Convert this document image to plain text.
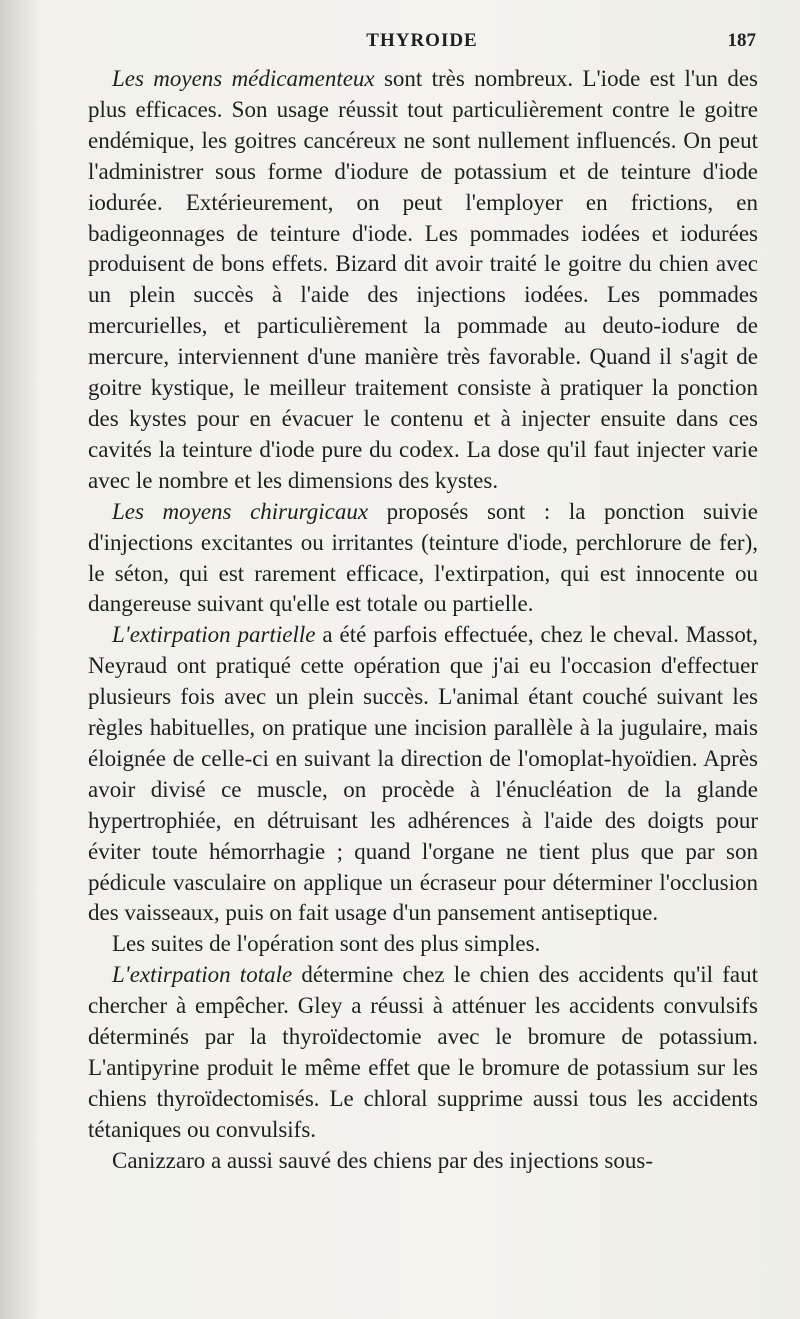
THYROIDE	187

Les moyens médicamenteux sont très nombreux. L'iode est l'un des plus efficaces. Son usage réussit tout particulièrement contre le goitre endémique, les goitres cancéreux ne sont nullement influencés. On peut l'administrer sous forme d'iodure de potassium et de teinture d'iode iodurée. Extérieurement, on peut l'employer en frictions, en badigeonnages de teinture d'iode. Les pommades iodées et iodurées produisent de bons effets. Bizard dit avoir traité le goitre du chien avec un plein succès à l'aide des injections iodées. Les pommades mercurielles, et particulièrement la pommade au deuto-iodure de mercure, interviennent d'une manière très favorable. Quand il s'agit de goitre kystique, le meilleur traitement consiste à pratiquer la ponction des kystes pour en évacuer le contenu et à injecter ensuite dans ces cavités la teinture d'iode pure du codex. La dose qu'il faut injecter varie avec le nombre et les dimensions des kystes.

Les moyens chirurgicaux proposés sont : la ponction suivie d'injections excitantes ou irritantes (teinture d'iode, perchlorure de fer), le séton, qui est rarement efficace, l'extirpation, qui est innocente ou dangereuse suivant qu'elle est totale ou partielle.

L'extirpation partielle a été parfois effectuée, chez le cheval. Massot, Neyraud ont pratiqué cette opération que j'ai eu l'occasion d'effectuer plusieurs fois avec un plein succès. L'animal étant couché suivant les règles habituelles, on pratique une incision parallèle à la jugulaire, mais éloignée de celle-ci en suivant la direction de l'omoplat-hyoïdien. Après avoir divisé ce muscle, on procède à l'énucléation de la glande hypertrophiée, en détruisant les adhérences à l'aide des doigts pour éviter toute hémorrhagie ; quand l'organe ne tient plus que par son pédicule vasculaire on applique un écraseur pour déterminer l'occlusion des vaisseaux, puis on fait usage d'un pansement antiseptique.

Les suites de l'opération sont des plus simples.

L'extirpation totale détermine chez le chien des accidents qu'il faut chercher à empêcher. Gley a réussi à atténuer les accidents convulsifs déterminés par la thyroïdectomie avec le bromure de potassium. L'antipyrine produit le même effet que le bromure de potassium sur les chiens thyroïdectomisés. Le chloral supprime aussi tous les accidents tétaniques ou convulsifs.

Canizzaro a aussi sauvé des chiens par des injections sous-
